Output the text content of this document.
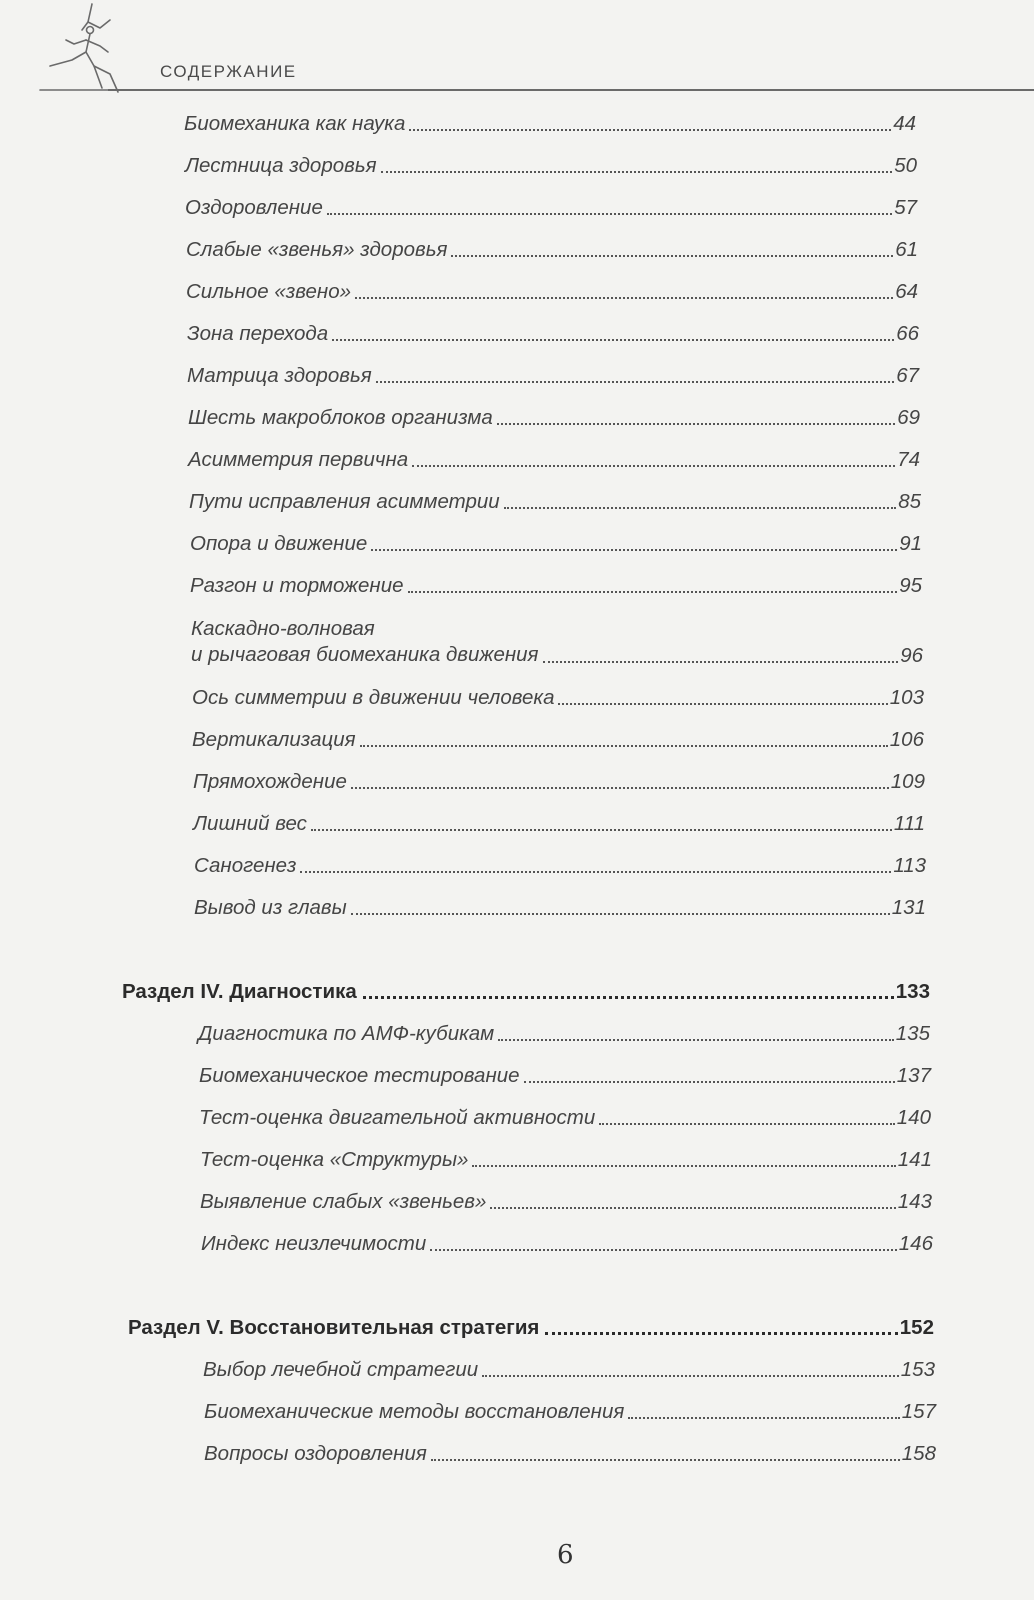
СОДЕРЖАНИЕ
Биомеханика как наука	44
Лестница здоровья	50
Оздоровление	57
Слабые «звенья» здоровья	61
Сильное «звено»	64
Зона перехода	66
Матрица здоровья	67
Шесть макроблоков организма	69
Асимметрия первична	74
Пути исправления асимметрии	85
Опора и движение	91
Разгон и торможение	95
Каскадно-волновая
и рычаговая биомеханика движения	96
Ось симметрии в движении человека	103
Вертикализация	106
Прямохождение	109
Лишний вес	111
Саногенез	113
Вывод из главы	131
Раздел IV. Диагностика	133
Диагностика по АМФ-кубикам	135
Биомеханическое тестирование	137
Тест-оценка двигательной активности	140
Тест-оценка «Структуры»	141
Выявление слабых «звеньев»	143
Индекс неизлечимости	146
Раздел V. Восстановительная стратегия	152
Выбор лечебной стратегии	153
Биомеханические методы восстановления	157
Вопросы оздоровления	158
6
